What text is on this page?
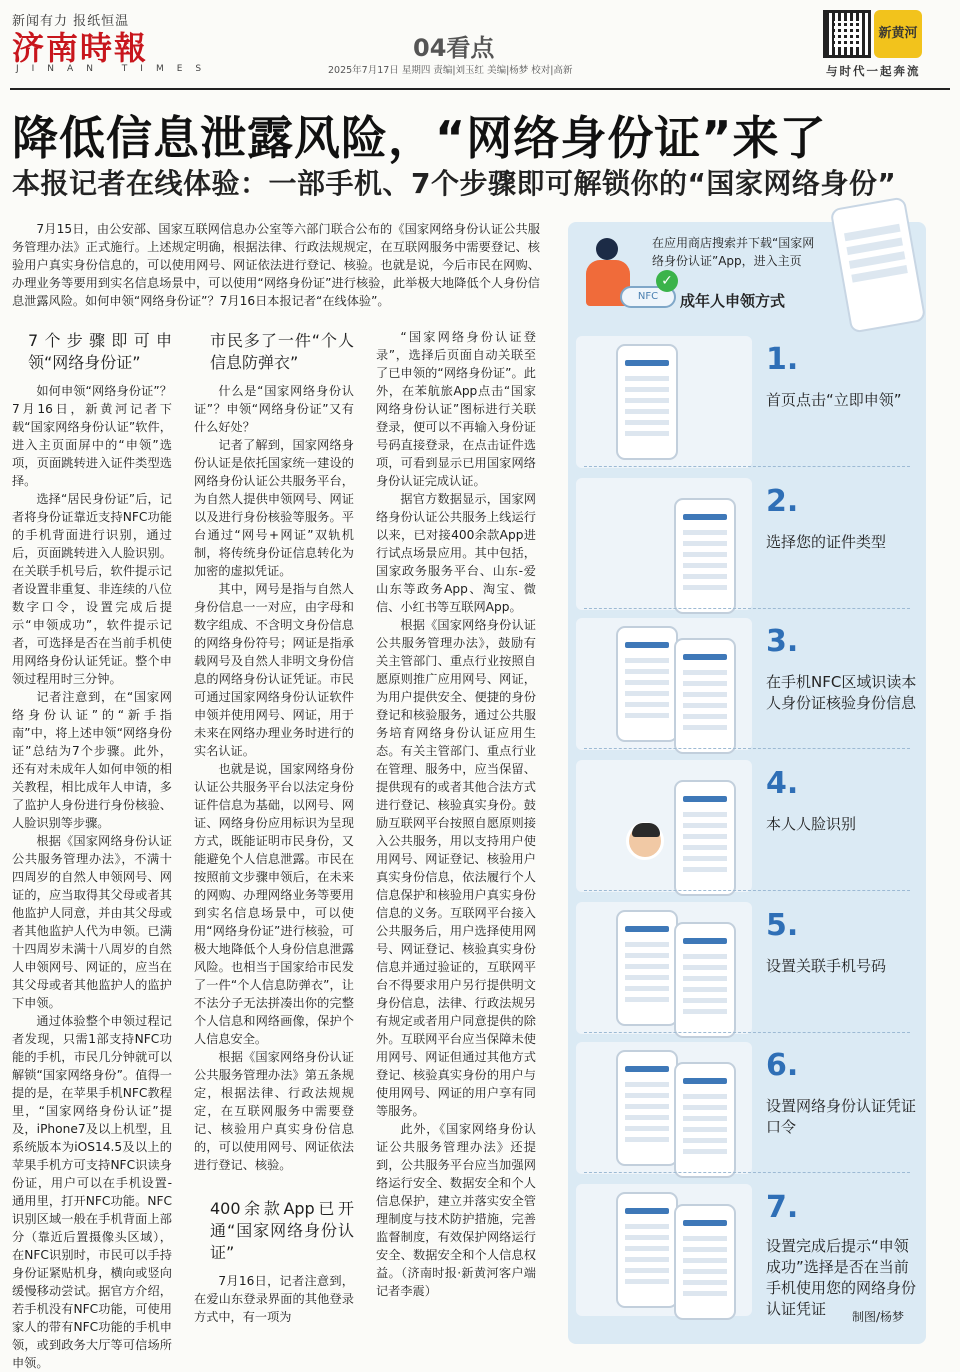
新闻有力 报纸恒温
济南時報
JINAN TIMES
04看点
2025年7月17日 星期四 责编|刘玉红 美编|杨梦 校对|高新
新黄河
与时代一起奔流
降低信息泄露风险，“网络身份证”来了
本报记者在线体验：一部手机、7个步骤即可解锁你的“国家网络身份”

7月15日，由公安部、国家互联网信息办公室等六部门联合公布的《国家网络身份认证公共服务管理办法》正式施行。上述规定明确，根据法律、行政法规规定，在互联网服务中需要登记、核验用户真实身份信息的，可以使用网号、网证依法进行登记、核验。也就是说，今后市民在网购、办理业务等要用到实名信息场景中，可以使用“网络身份证”进行核验，此举极大地降低个人身份信息泄露风险。如何申领“网络身份证”？7月16日本报记者“在线体验”。

7个步骤即可申领“网络身份证”

如何申领“网络身份证”？7月16日，新黄河记者下载“国家网络身份认证”软件，进入主页面屏中的“申领”选项，页面跳转进入证件类型选择。

选择“居民身份证”后，记者将身份证靠近支持NFC功能的手机背面进行识别，通过后，页面跳转进入人脸识别。在关联手机号后，软件提示记者设置非重复、非连续的八位数字口令，设置完成后提示“申领成功”，软件提示记者，可选择是否在当前手机使用网络身份认证凭证。整个申领过程用时三分钟。

记者注意到，在“国家网络身份认证”的“新手指南”中，将上述申领“网络身份证”总结为7个步骤。此外，还有对未成年人如何申领的相关教程，相比成年人申请，多了监护人身份进行身份核验、人脸识别等步骤。

根据《国家网络身份认证公共服务管理办法》，不满十四周岁的自然人申领网号、网证的，应当取得其父母或者其他监护人同意，并由其父母或者其他监护人代为申领。已满十四周岁未满十八周岁的自然人申领网号、网证的，应当在其父母或者其他监护人的监护下申领。

通过体验整个申领过程记者发现，只需1部支持NFC功能的手机，市民几分钟就可以解锁“国家网络身份”。值得一提的是，在苹果手机NFC教程里，“国家网络身份认证”提及，iPhone7及以上机型，且系统版本为iOS14.5及以上的苹果手机方可支持NFC识读身份证，用户可以在手机设置-通用里，打开NFC功能。NFC识别区域一般在手机背面上部分（靠近后置摄像头区域），在NFC识别时，市民可以手持身份证紧贴机身，横向或竖向缓慢移动尝试。据官方介绍，若手机没有NFC功能，可使用家人的带有NFC功能的手机申领，或到政务大厅等可信场所申领。

市民多了一件“个人信息防弹衣”

什么是“国家网络身份认证”？申领“网络身份证”又有什么好处？

记者了解到，国家网络身份认证是依托国家统一建设的网络身份认证公共服务平台，为自然人提供申领网号、网证以及进行身份核验等服务。平台通过“网号+网证”双轨机制，将传统身份证信息转化为加密的虚拟凭证。

其中，网号是指与自然人身份信息一一对应，由字母和数字组成、不含明文身份信息的网络身份符号；网证是指承载网号及自然人非明文身份信息的网络身份认证凭证。市民可通过国家网络身份认证软件申领并使用网号、网证，用于未来在网络办理业务时进行的实名认证。

也就是说，国家网络身份认证公共服务平台以法定身份证件信息为基础，以网号、网证、网络身份应用标识为呈现方式，既能证明市民身份，又能避免个人信息泄露。市民在按照前文步骤申领后，在未来的网购、办理网络业务等要用到实名信息场景中，可以使用“网络身份证”进行核验，可极大地降低个人身份信息泄露风险。也相当于国家给市民发了一件“个人信息防弹衣”，让不法分子无法拼凑出你的完整个人信息和网络画像，保护个人信息安全。

根据《国家网络身份认证公共服务管理办法》第五条规定，根据法律、行政法规规定，在互联网服务中需要登记、核验用户真实身份信息的，可以使用网号、网证依法进行登记、核验。

400余款App已开通“国家网络身份认证”

7月16日，记者注意到，在爱山东登录界面的其他登录方式中，有一项为

“国家网络身份认证登录”，选择后页面自动关联至了已申领的“网络身份证”。此外，在苯航旅App点击“国家网络身份认证”图标进行关联登录，便可以不再输入身份证号码直接登录，在点击证件选项，可看到显示已用国家网络身份认证完成认证。

据官方数据显示，国家网络身份认证公共服务上线运行以来，已对接400余款App进行试点场景应用。其中包括，国家政务服务平台、山东-爱山东等政务App、淘宝、微信、小红书等互联网App。

根据《国家网络身份认证公共服务管理办法》，鼓励有关主管部门、重点行业按照自愿原则推广应用网号、网证，为用户提供安全、便捷的身份登记和核验服务，通过公共服务培育网络身份认证应用生态。有关主管部门、重点行业在管理、服务中，应当保留、提供现有的或者其他合法方式进行登记、核验真实身份。鼓励互联网平台按照自愿原则接入公共服务，用以支持用户使用网号、网证登记、核验用户真实身份信息，依法履行个人信息保护和核验用户真实身份信息的义务。互联网平台接入公共服务后，用户选择使用网号、网证登记、核验真实身份信息并通过验证的，互联网平台不得要求用户另行提供明文身份信息，法律、行政法规另有规定或者用户同意提供的除外。互联网平台应当保障未使用网号、网证但通过其他方式登记、核验真实身份的用户与使用网号、网证的用户享有同等服务。

此外，《国家网络身份认证公共服务管理办法》还提到，公共服务平台应当加强网络运行安全、数据安全和个人信息保护，建立并落实安全管理制度与技术防护措施，完善监督制度，有效保护网络运行安全、数据安全和个人信息权益。（济南时报·新黄河客户端记者李震）

在应用商店搜索并下载“国家网络身份认证”App，进入主页
NFC
✓
成年人申领方式
1.
首页点击“立即申领”
2.
选择您的证件类型
3.
在手机NFC区域识读本人身份证核验身份信息
4.
本人人脸识别
5.
设置关联手机号码
6.
设置网络身份认证凭证口令
7.
设置完成后提示“申领成功”选择是否在当前手机使用您的网络身份认证凭证	制图/杨梦
